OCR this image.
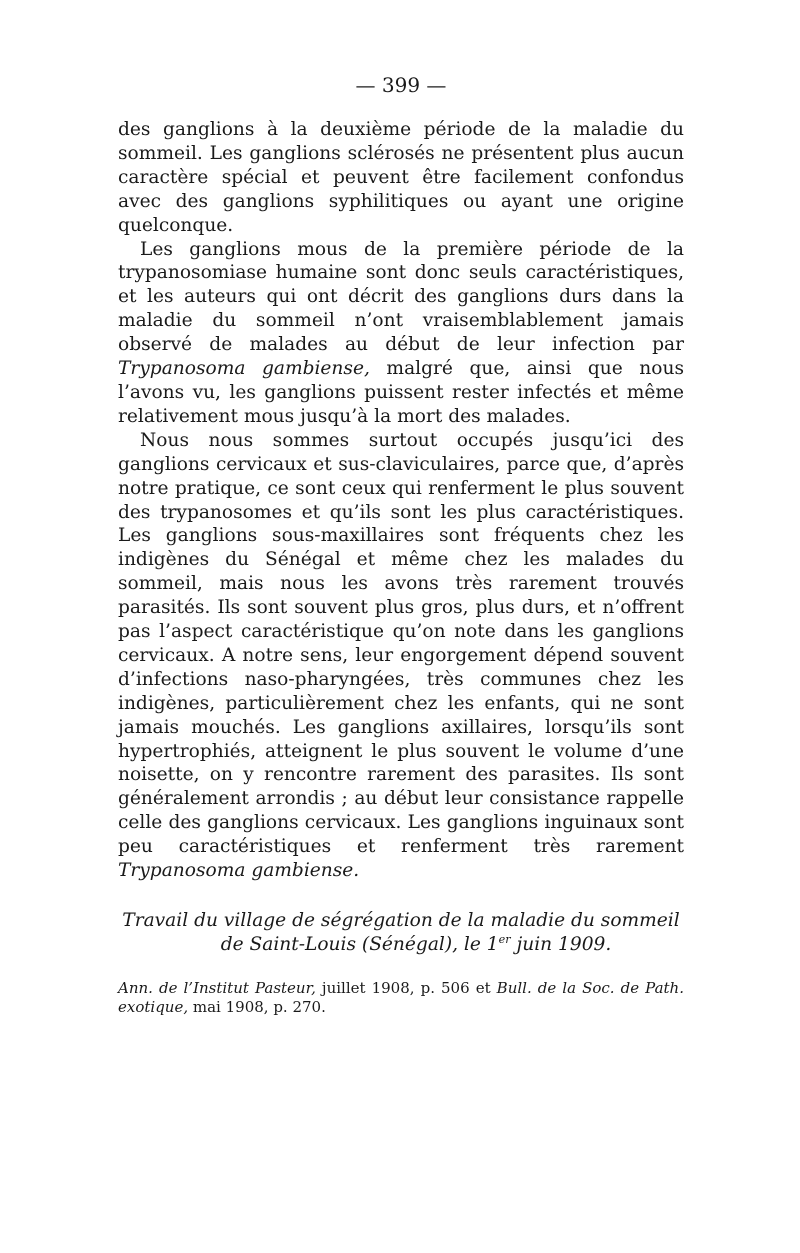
— 399 —

des ganglions à la deuxième période de la maladie du sommeil. Les ganglions sclérosés ne présentent plus aucun caractère spécial et peuvent être facilement confondus avec des ganglions syphilitiques ou ayant une origine quelconque.

Les ganglions mous de la première période de la trypanosomiase humaine sont donc seuls caractéristiques, et les auteurs qui ont décrit des ganglions durs dans la maladie du sommeil n’ont vraisemblablement jamais observé de malades au début de leur infection par Trypanosoma gambiense, malgré que, ainsi que nous l’avons vu, les ganglions puissent rester infectés et même relativement mous jusqu’à la mort des malades.

Nous nous sommes surtout occupés jusqu’ici des ganglions cervicaux et sus-claviculaires, parce que, d’après notre pratique, ce sont ceux qui renferment le plus souvent des trypanosomes et qu’ils sont les plus caractéristiques. Les ganglions sous-maxillaires sont fréquents chez les indigènes du Sénégal et même chez les malades du sommeil, mais nous les avons très rarement trouvés parasités. Ils sont souvent plus gros, plus durs, et n’offrent pas l’aspect caractéristique qu’on note dans les ganglions cervicaux. A notre sens, leur engorgement dépend souvent d’infections naso-pharyngées, très communes chez les indigènes, particulièrement chez les enfants, qui ne sont jamais mouchés. Les ganglions axillaires, lorsqu’ils sont hypertrophiés, atteignent le plus souvent le volume d’une noisette, on y rencontre rarement des parasites. Ils sont généralement arrondis ; au début leur consistance rappelle celle des ganglions cervicaux. Les ganglions inguinaux sont peu caractéristiques et renferment très rarement Trypanosoma gambiense.

Travail du village de ségrégation de la maladie du sommeil
de Saint-Louis (Sénégal), le 1er juin 1909.
Ann. de l’Institut Pasteur, juillet 1908, p. 506 et Bull. de la Soc. de Path. exotique, mai 1908, p. 270.
